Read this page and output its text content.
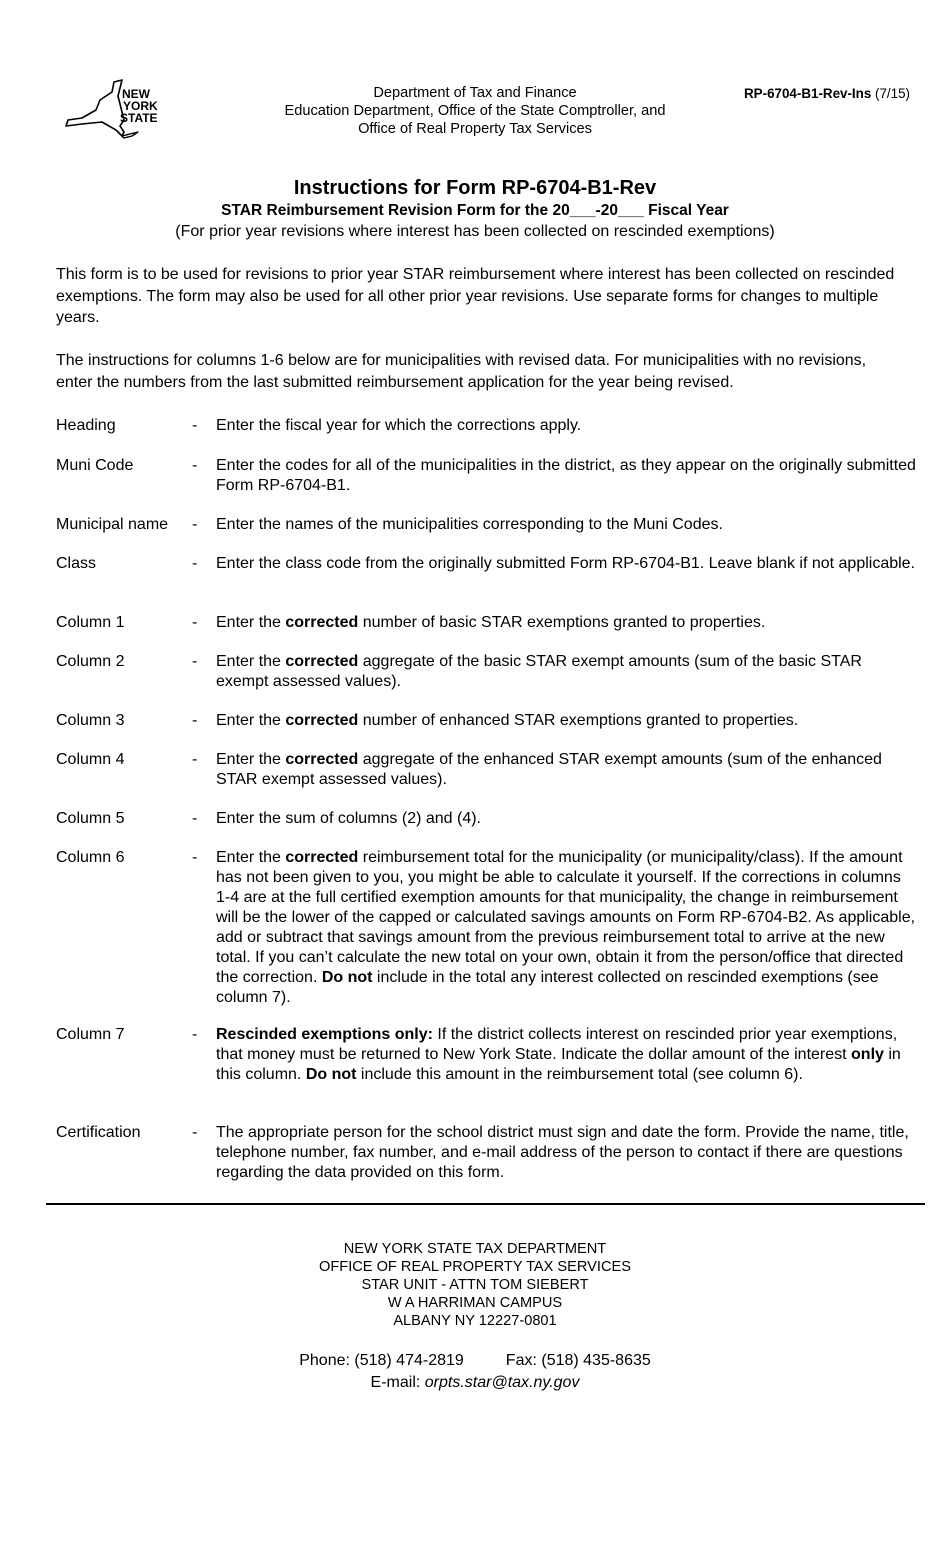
NEW
YORK
STATE
Department of Tax and Finance
Education Department, Office of the State Comptroller, and
Office of Real Property Tax Services
RP-6704-B1-Rev-Ins (7/15)
Instructions for Form RP-6704-B1-Rev
STAR Reimbursement Revision Form for the 20___-20___ Fiscal Year
(For prior year revisions where interest has been collected on rescinded exemptions)
This form is to be used for revisions to prior year STAR reimbursement where interest has been collected on rescinded exemptions. The form may also be used for all other prior year revisions. Use separate forms for changes to multiple years.
The instructions for columns 1-6 below are for municipalities with revised data. For municipalities with no revisions, enter the numbers from the last submitted reimbursement application for the year being revised.
Heading	- Enter the fiscal year for which the corrections apply.
Muni Code	- Enter the codes for all of the municipalities in the district, as they appear on the originally submitted Form RP-6704-B1.
Municipal name	- Enter the names of the municipalities corresponding to the Muni Codes.
Class	- Enter the class code from the originally submitted Form RP-6704-B1. Leave blank if not applicable.
Column 1	- Enter the corrected number of basic STAR exemptions granted to properties.
Column 2	- Enter the corrected aggregate of the basic STAR exempt amounts (sum of the basic STAR exempt assessed values).
Column 3	- Enter the corrected number of enhanced STAR exemptions granted to properties.
Column 4	- Enter the corrected aggregate of the enhanced STAR exempt amounts (sum of the enhanced STAR exempt assessed values).
Column 5	- Enter the sum of columns (2) and (4).
Column 6	- Enter the corrected reimbursement total for the municipality (or municipality/class). If the amount has not been given to you, you might be able to calculate it yourself. If the corrections in columns 1-4 are at the full certified exemption amounts for that municipality, the change in reimbursement will be the lower of the capped or calculated savings amounts on Form RP-6704-B2. As applicable, add or subtract that savings amount from the previous reimbursement total to arrive at the new total. If you can’t calculate the new total on your own, obtain it from the person/office that directed the correction. Do not include in the total any interest collected on rescinded exemptions (see column 7).
Column 7	- Rescinded exemptions only: If the district collects interest on rescinded prior year exemptions, that money must be returned to New York State. Indicate the dollar amount of the interest only in this column. Do not include this amount in the reimbursement total (see column 6).
Certification	- The appropriate person for the school district must sign and date the form. Provide the name, title, telephone number, fax number, and e-mail address of the person to contact if there are questions regarding the data provided on this form.
NEW YORK STATE TAX DEPARTMENT
OFFICE OF REAL PROPERTY TAX SERVICES
STAR UNIT - ATTN TOM SIEBERT
W A HARRIMAN CAMPUS
ALBANY NY 12227-0801
Phone: (518) 474-2819	Fax: (518) 435-8635
E-mail: orpts.star@tax.ny.gov
